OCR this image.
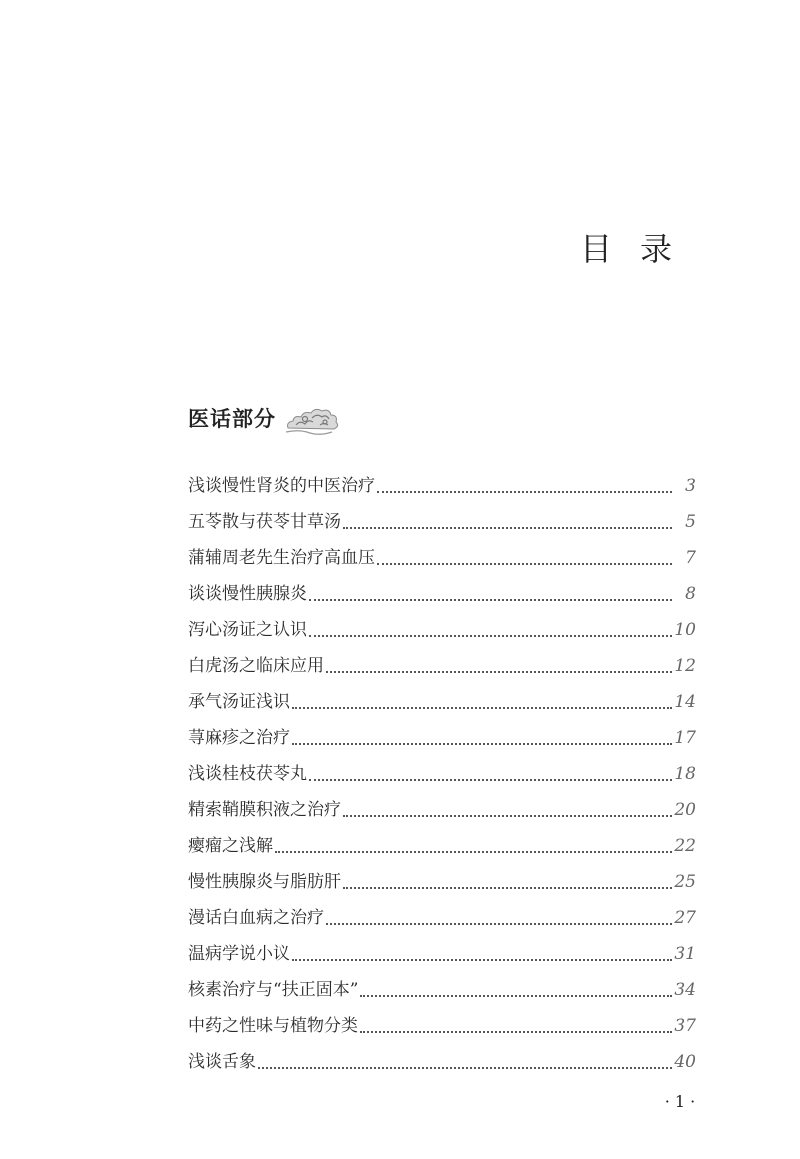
目录
医话部分
浅谈慢性肾炎的中医治疗	3
五苓散与茯苓甘草汤	5
蒲辅周老先生治疗高血压	7
谈谈慢性胰腺炎	8
泻心汤证之认识	10
白虎汤之临床应用	12
承气汤证浅识	14
荨麻疹之治疗	17
浅谈桂枝茯苓丸	18
精索鞘膜积液之治疗	20
瘿瘤之浅解	22
慢性胰腺炎与脂肪肝	25
漫话白血病之治疗	27
温病学说小议	31
核素治疗与“扶正固本”	34
中药之性味与植物分类	37
浅谈舌象	40
· 1 ·
